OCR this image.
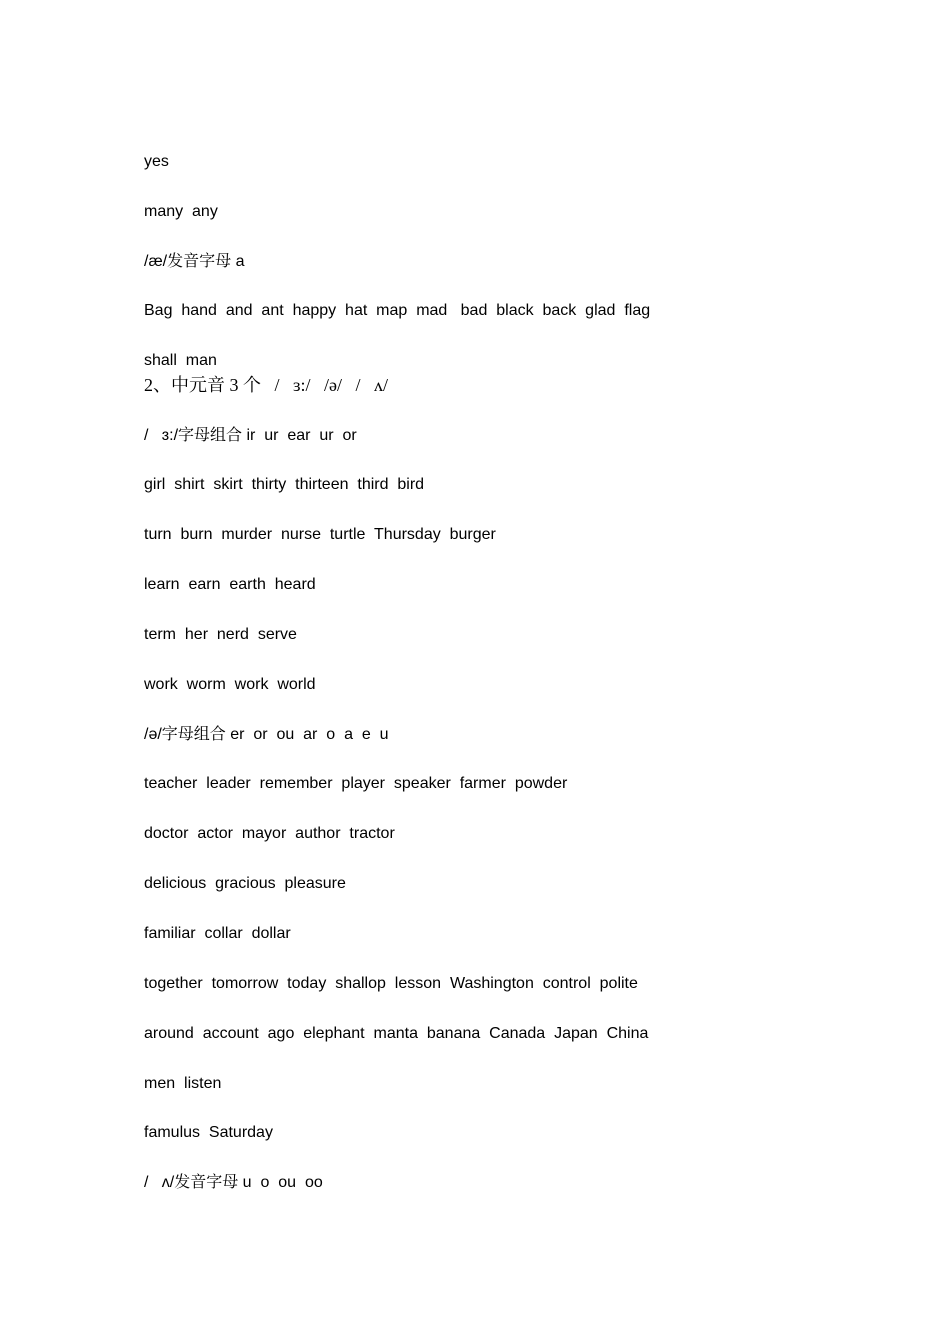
yes
many  any
/æ/发音字母 a
Bag  hand  and  ant  happy  hat  map  mad   bad  black  back  glad  flag
shall  man
2、中元音 3 个   /   ɜ:/   /ə/   /   ʌ/
/   ɜ:/字母组合 ir  ur  ear  ur  or
girl  shirt  skirt  thirty  thirteen  third  bird
turn  burn  murder  nurse  turtle  Thursday  burger
learn  earn  earth  heard
term  her  nerd  serve
work  worm  work  world
/ə/字母组合 er  or  ou  ar  o  a  e  u
teacher  leader  remember  player  speaker  farmer  powder
doctor  actor  mayor  author  tractor
delicious  gracious  pleasure
familiar  collar  dollar
together  tomorrow  today  shallop  lesson  Washington  control  polite
around  account  ago  elephant  manta  banana  Canada  Japan  China
men  listen
famulus  Saturday
/   ʌ/发音字母 u  o  ou  oo
